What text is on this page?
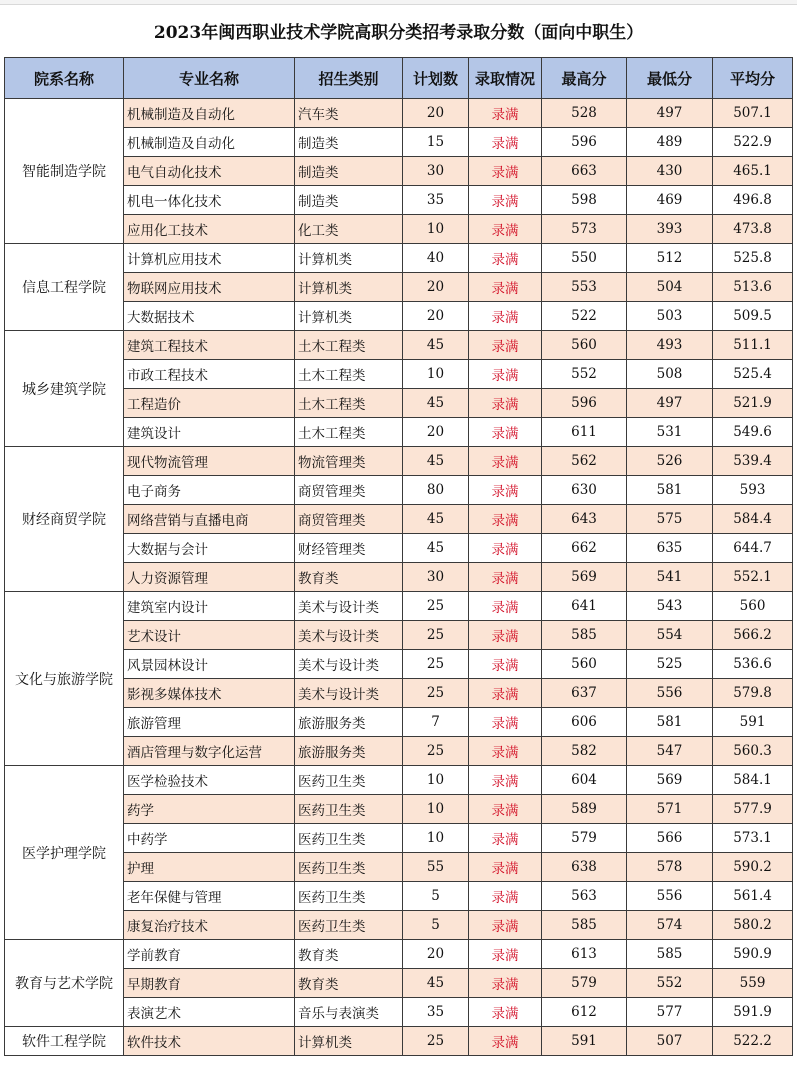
2023年闽西职业技术学院高职分类招考录取分数（面向中职生）							
院系名称	专业名称	招生类别	计划数	录取情况	最高分	最低分	平均分
智能制造学院	机械制造及自动化	汽车类	20	录满	528	497	507.1
	机械制造及自动化	制造类	15	录满	596	489	522.9
	电气自动化技术	制造类	30	录满	663	430	465.1
	机电一体化技术	制造类	35	录满	598	469	496.8
	应用化工技术	化工类	10	录满	573	393	473.8
信息工程学院	计算机应用技术	计算机类	40	录满	550	512	525.8
	物联网应用技术	计算机类	20	录满	553	504	513.6
	大数据技术	计算机类	20	录满	522	503	509.5
城乡建筑学院	建筑工程技术	土木工程类	45	录满	560	493	511.1
	市政工程技术	土木工程类	10	录满	552	508	525.4
	工程造价	土木工程类	45	录满	596	497	521.9
	建筑设计	土木工程类	20	录满	611	531	549.6
财经商贸学院	现代物流管理	物流管理类	45	录满	562	526	539.4
	电子商务	商贸管理类	80	录满	630	581	593
	网络营销与直播电商	商贸管理类	45	录满	643	575	584.4
	大数据与会计	财经管理类	45	录满	662	635	644.7
	人力资源管理	教育类	30	录满	569	541	552.1
文化与旅游学院	建筑室内设计	美术与设计类	25	录满	641	543	560
	艺术设计	美术与设计类	25	录满	585	554	566.2
	风景园林设计	美术与设计类	25	录满	560	525	536.6
	影视多媒体技术	美术与设计类	25	录满	637	556	579.8
	旅游管理	旅游服务类	7	录满	606	581	591
	酒店管理与数字化运营	旅游服务类	25	录满	582	547	560.3
医学护理学院	医学检验技术	医药卫生类	10	录满	604	569	584.1
	药学	医药卫生类	10	录满	589	571	577.9
	中药学	医药卫生类	10	录满	579	566	573.1
	护理	医药卫生类	55	录满	638	578	590.2
	老年保健与管理	医药卫生类	5	录满	563	556	561.4
	康复治疗技术	医药卫生类	5	录满	585	574	580.2
教育与艺术学院	学前教育	教育类	20	录满	613	585	590.9
	早期教育	教育类	45	录满	579	552	559
	表演艺术	音乐与表演类	35	录满	612	577	591.9
软件工程学院	软件技术	计算机类	25	录满	591	507	522.2
